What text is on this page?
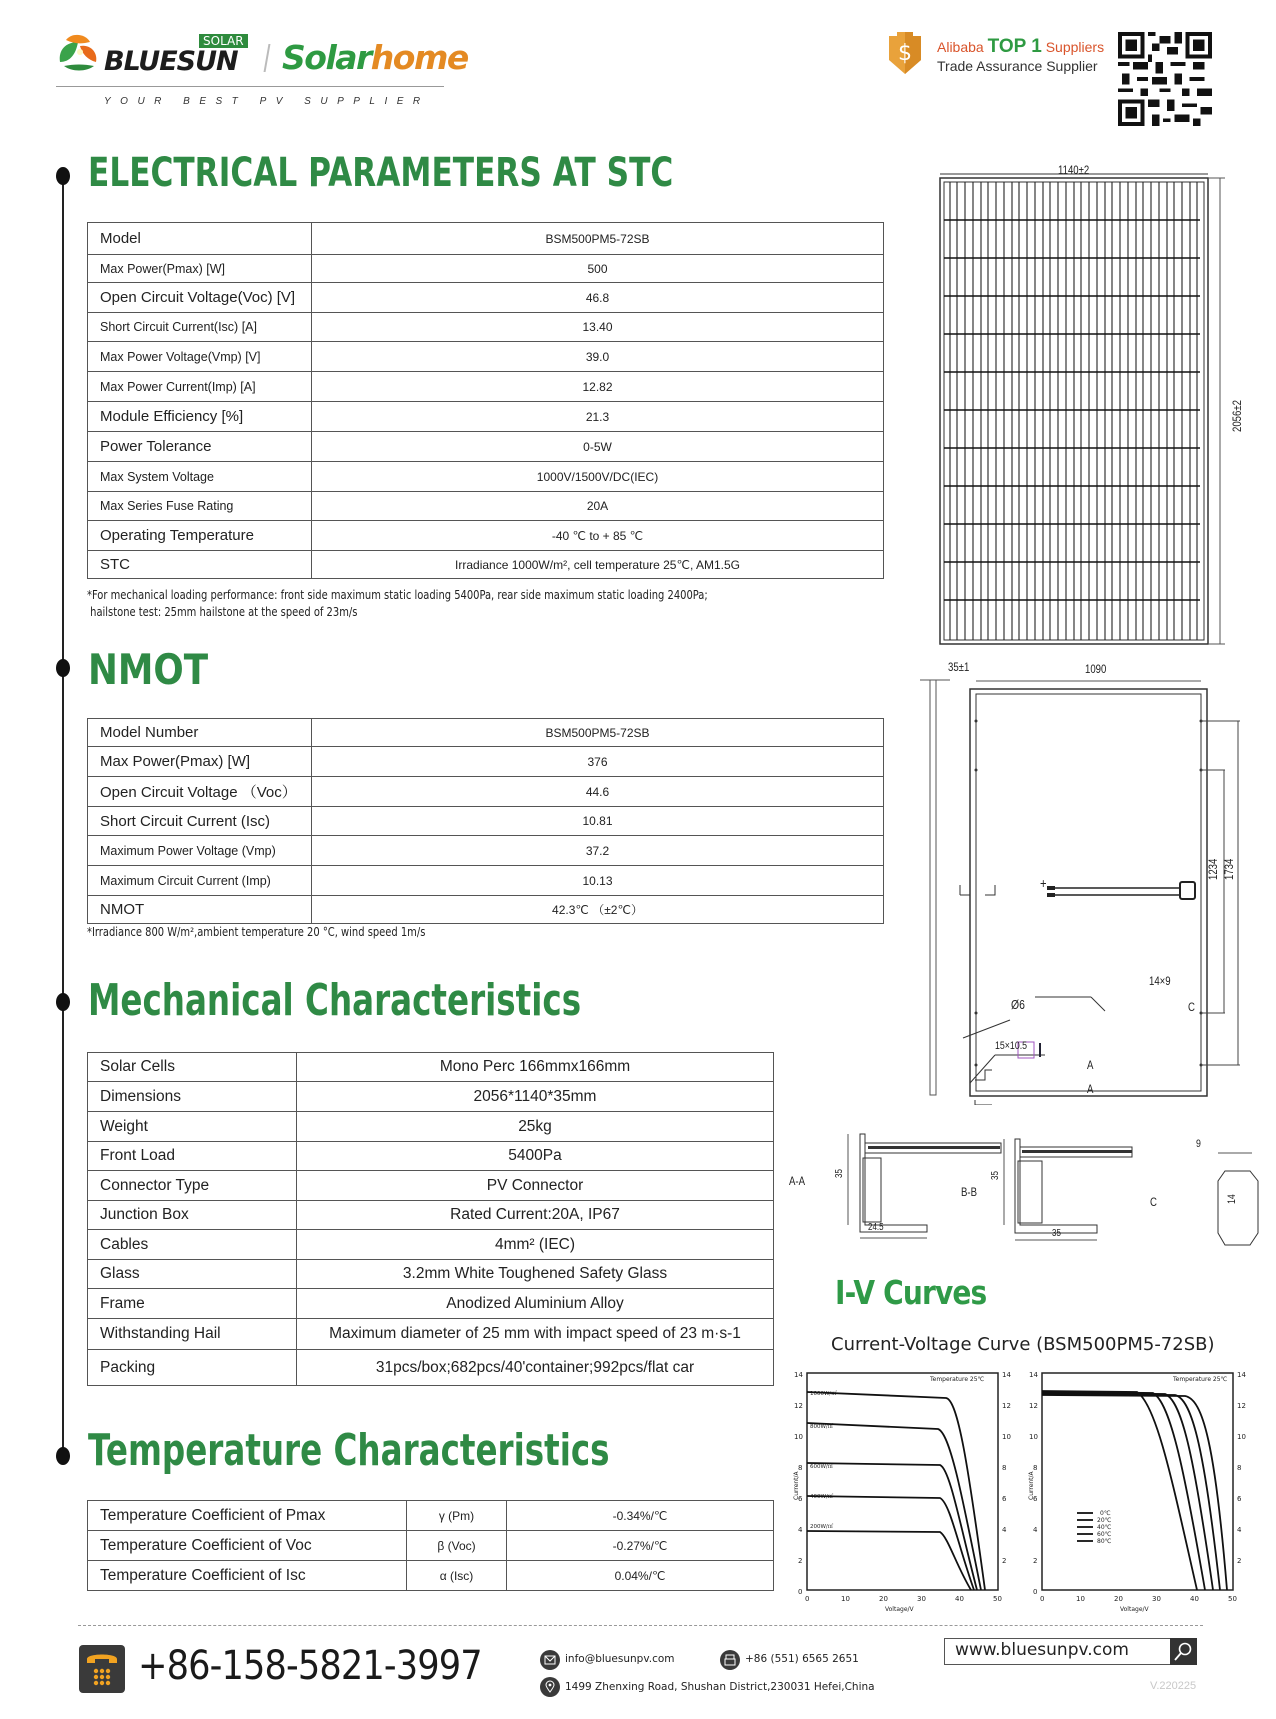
SOLAR
BLUESUN Solarhome
YOUR BEST PV SUPPLIER
$ Alibaba TOP 1 Suppliers
Trade Assurance Supplier
ELECTRICAL PARAMETERS AT STC
Model	BSM500PM5-72SB
Max Power(Pmax) [W]	500
Open Circuit Voltage(Voc) [V]	46.8
Short Circuit Current(Isc) [A]	13.40
Max Power Voltage(Vmp) [V]	39.0
Max Power Current(Imp) [A]	12.82
Module Efficiency [%]	21.3
Power Tolerance	0-5W
Max System Voltage	1000V/1500V/DC(IEC)
Max Series Fuse Rating	20A
Operating Temperature	-40 ℃ to + 85 ℃
STC	Irradiance 1000W/m², cell temperature 25℃, AM1.5G
*For mechanical loading performance: front side maximum static loading 5400Pa, rear side maximum static loading 2400Pa;
hailstone test: 25mm hailstone at the speed of 23m/s
NMOT
Model Number	BSM500PM5-72SB
Max Power(Pmax) [W]	376
Open Circuit Voltage （Voc）	44.6
Short Circuit Current (Isc)	10.81
Maximum Power Voltage (Vmp)	37.2
Maximum Circuit Current (Imp)	10.13
NMOT	42.3℃ （±2℃）
*Irradiance 800 W/m²,ambient temperature 20 °C, wind speed 1m/s
Mechanical Characteristics
Solar Cells	Mono Perc 166mmx166mm
Dimensions	2056*1140*35mm
Weight	25kg
Front Load	5400Pa
Connector Type	PV Connector
Junction Box	Rated Current:20A, IP67
Cables	4mm² (IEC)
Glass	3.2mm White Toughened Safety Glass
Frame	Anodized Aluminium Alloy
Withstanding Hail	Maximum diameter of 25 mm with impact speed of 23 m·s-1
Packing	31pcs/box;682pcs/40'container;992pcs/flat car
Temperature Characteristics
Temperature Coefficient of Pmax	γ (Pm)	-0.34%/℃
Temperature Coefficient of Voc	β (Voc)	-0.27%/℃
Temperature Coefficient of Isc	α (Isc)	0.04%/℃
1140±2
2056±2
35±1	1090
1234 1734
14×9
Ø6
15×10.5
A
A
C
+
A-A
35
24.5
B-B
35
35
C
9
14
I-V Curves
Current-Voltage Curve (BSM500PM5-72SB)
0
2
4
6
8
10
12
14
2
4
6
8
10
12
14
0	10	20	30	40	50
Voltage/V
Temperature 25℃
1000W/㎡
800W/㎡
600W/㎡
400W/㎡
200W/㎡
Current/A
0
2
4
6
8
10
12
14
2
4
6
8
10
12
14
0	10	20	30	40	50
Voltage/V
Temperature 25℃
0℃
20℃
40℃
60℃
80℃
Current/A
+86-158-5821-3997	info@bluesunpv.com	+86 (551) 6565 2651
1499 Zhenxing Road, Shushan District,230031 Hefei,China
www.bluesunpv.com
V.220225
